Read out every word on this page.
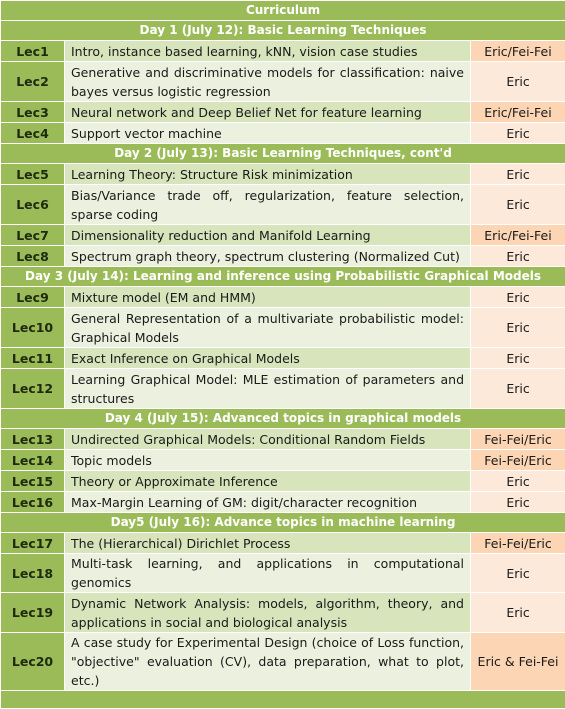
Curriculum		
Day 1 (July 12): Basic Learning Techniques		
Lec1	Intro, instance based learning, kNN, vision case studies	Eric/Fei-Fei
Lec2	Generative and discriminative models for classification: naive bayes versus logistic regression	Eric
Lec3	Neural network and Deep Belief Net for feature learning	Eric/Fei-Fei
Lec4	Support vector machine	Eric
Day 2 (July 13): Basic Learning Techniques, cont'd		
Lec5	Learning Theory: Structure Risk minimization	Eric
Lec6	Bias/Variance trade off, regularization, feature selection, sparse coding	Eric
Lec7	Dimensionality reduction and Manifold Learning	Eric/Fei-Fei
Lec8	Spectrum graph theory, spectrum clustering (Normalized Cut)	Eric
Day 3 (July 14): Learning and inference using Probabilistic Graphical Models		
Lec9	Mixture model (EM and HMM)	Eric
Lec10	General Representation of a multivariate probabilistic model: Graphical Models	Eric
Lec11	Exact Inference on Graphical Models	Eric
Lec12	Learning Graphical Model: MLE estimation of parameters and structures	Eric
Day 4 (July 15): Advanced topics in graphical models		
Lec13	Undirected Graphical Models: Conditional Random Fields	Fei-Fei/Eric
Lec14	Topic models	Fei-Fei/Eric
Lec15	Theory or Approximate Inference	Eric
Lec16	Max-Margin Learning of GM: digit/character recognition	Eric
Day5 (July 16): Advance topics in machine learning		
Lec17	The (Hierarchical) Dirichlet Process	Fei-Fei/Eric
Lec18	Multi-task learning, and applications in computational genomics	Eric
Lec19	Dynamic Network Analysis: models, algorithm, theory, and applications in social and biological analysis	Eric
Lec20	A case study for Experimental Design (choice of Loss function, "objective" evaluation (CV), data preparation, what to plot, etc.)	Eric & Fei-Fei
